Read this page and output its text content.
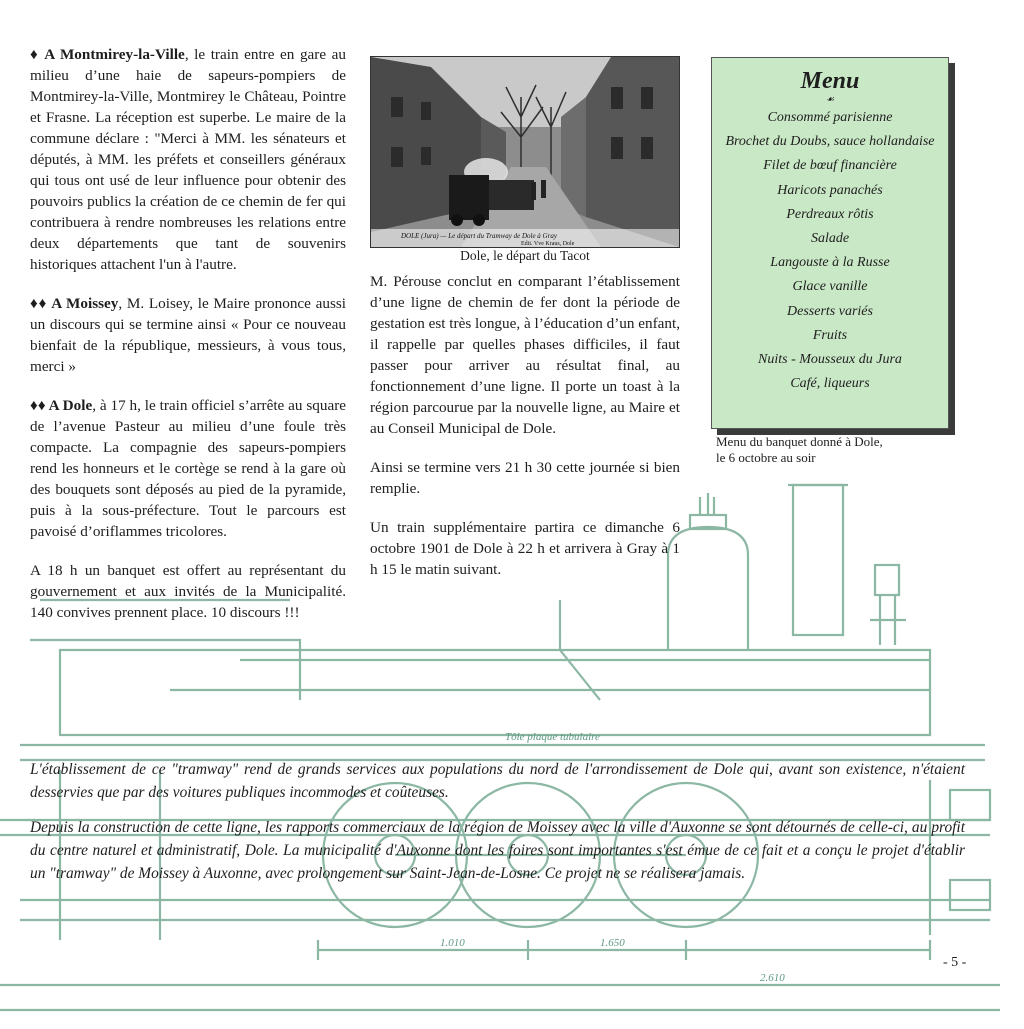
Tôle plaque tubulaire
1.010	1.650
2.610

♦ A Montmirey-la-Ville, le train entre en gare au milieu d’une haie de sapeurs-pompiers de Montmirey-la-Ville, Montmirey le Château, Pointre et Frasne. La réception est superbe. Le maire de la commune déclare : "Merci à MM. les sénateurs et députés, à MM. les préfets et conseillers généraux qui tous ont usé de leur influence pour obtenir des pouvoirs publics la création de ce chemin de fer qui contribuera à rendre nombreuses les relations entre deux départements que tant de souvenirs historiques attachent l'un à l'autre.

♦♦ A Moissey, M. Loisey, le Maire prononce aussi un discours qui se termine ainsi « Pour ce nouveau bienfait de la république, messieurs, à vous tous, merci »

♦♦ A Dole, à 17 h, le train officiel s’arrête au square de l’avenue Pasteur au milieu d’une foule très compacte. La compagnie des sapeurs-pompiers rend les honneurs et le cortège se rend à la gare où des bouquets sont déposés au pied de la pyramide, puis à la sous-préfecture. Tout le parcours est pavoisé d’oriflammes tricolores.

A 18 h un banquet est offert au représentant du gouvernement et aux invités de la Municipalité. 140 convives prennent place. 10 discours !!!

DOLE (Jura) — Le départ du Tramway de Dole à Gray
Edit. Vve Kraus, Dole
Dole, le départ du Tacot

M. Pérouse conclut en comparant l’établissement d’une ligne de chemin de fer dont la période de gestation est très longue, à l’éducation d’un enfant, il rappelle par quelles phases difficiles, il faut passer pour arriver au résultat final, au fonctionnement d’une ligne. Il porte un toast à la région parcourue par la nouvelle ligne, au Maire et au Conseil Municipal de Dole.

Ainsi se termine vers 21 h 30 cette journée si bien remplie.

Un train supplémentaire partira ce dimanche 6 octobre 1901 de Dole à 22 h et arrivera à Gray à 1 h 15 le matin suivant.

Menu
☙
Consommé parisienne
Brochet du Doubs, sauce hollandaise
Filet de bœuf financière
Haricots panachés
Perdreaux rôtis
Salade
Langouste à la Russe
Glace vanille
Desserts variés
Fruits
Nuits - Mousseux du Jura
Café, liqueurs
Menu du banquet donné à Dole,
le 6 octobre au soir

L'établissement de ce "tramway" rend de grands services aux populations du nord de l'arrondissement de Dole qui, avant son existence, n'étaient desservies que par des voitures publiques incommodes et coûteuses.

Depuis la construction de cette ligne, les rapports commerciaux de la région de Moissey avec la ville d'Auxonne se sont détournés de celle-ci, au profit du centre naturel et administratif, Dole. La municipalité d'Auxonne dont les foires sont importantes s'est émue de ce fait et a conçu le projet d'établir un "tramway" de Moissey à Auxonne, avec prolongement sur Saint-Jean-de-Losne. Ce projet ne se réalisera jamais.

- 5 -
